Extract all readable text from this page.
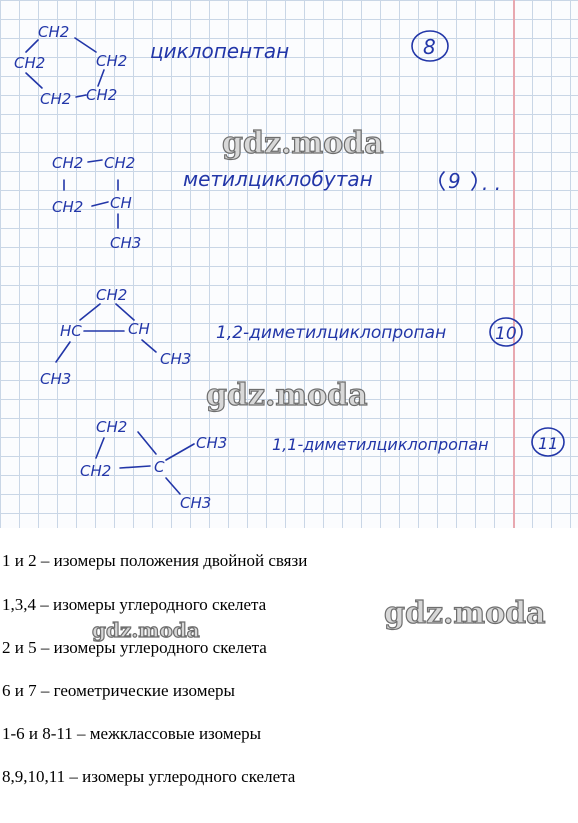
CH2
CH2	CH2
CH2 CH2
циклопентан	8
CH2 CH2
CH2 CH
CH3
метилциклобутан	9 . .
CH2
HC	CH
CH3
CH3
1,2-диметилциклопропан	10
CH2
CH2	C
CH3
CH3
1,1-диметилциклопропан	11
gdz.moda
gdz.moda
gdz.moda
gdz.moda
1 и 2 – изомеры положения двойной связи
1,3,4 – изомеры углеродного скелета
2 и 5 – изомеры углеродного скелета
6 и 7 – геометрические изомеры
1-6 и 8-11 – межклассовые изомеры
8,9,10,11 – изомеры углеродного скелета
